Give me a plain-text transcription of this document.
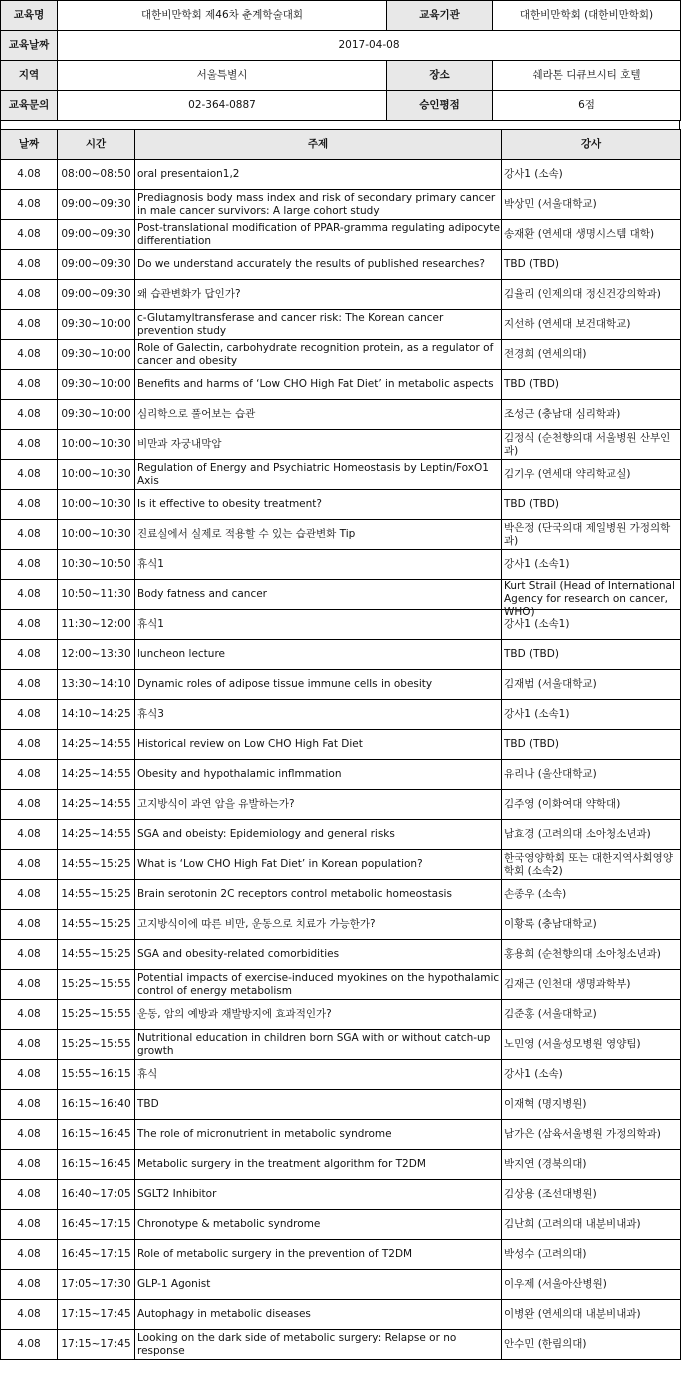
교육명	대한비만학회 제46차 춘계학술대회	교육기관	대한비만학회 (대한비만학회)
교육날짜	2017-04-08		
지역	서울특별시	장소	쉐라톤 디큐브시티 호텔
교육문의	02-364-0887	승인평점	6점
날짜	시간	주제	강사

4.08	08:00~08:50	oral presentaion1,2	강사1 (소속)

4.08	09:00~09:30	Prediagnosis body mass index and risk of secondary primary cancer in male cancer survivors: A large cohort study	박상민 (서울대학교)

4.08	09:00~09:30	Post-translational modification of PPAR-gramma regulating adipocyte differentiation	송재환 (연세대 생명시스템 대학)

4.08	09:00~09:30	Do we understand accurately the results of published researches?	TBD (TBD)

4.08	09:00~09:30	왜 습관변화가 답인가?	김율리 (인제의대 정신건강의학과)

4.08	09:30~10:00	c-Glutamyltransferase and cancer risk: The Korean cancer prevention study	지선하 (연세대 보건대학교)

4.08	09:30~10:00	Role of Galectin, carbohydrate recognition protein, as a regulator of cancer and obesity	전경희 (연세의대)

4.08	09:30~10:00	Benefits and harms of ‘Low CHO High Fat Diet’ in metabolic aspects	TBD (TBD)

4.08	09:30~10:00	심리학으로 풀어보는 습관	조성근 (충남대 심리학과)

4.08	10:00~10:30	비만과 자궁내막암	김정식 (순천향의대 서울병원 산부인과)

4.08	10:00~10:30	Regulation of Energy and Psychiatric Homeostasis by Leptin/FoxO1 Axis	김기우 (연세대 약리학교실)

4.08	10:00~10:30	Is it effective to obesity treatment?	TBD (TBD)

4.08	10:00~10:30	진료실에서 실제로 적용할 수 있는 습관변화 Tip	박은정 (단국의대 제일병원 가정의학과)

4.08	10:30~10:50	휴식1	강사1 (소속1)

4.08	10:50~11:30	Body fatness and cancer	Kurt Strail (Head of International Agency for research on cancer, WHO)

4.08	11:30~12:00	휴식1	강사1 (소속1)

4.08	12:00~13:30	luncheon lecture	TBD (TBD)

4.08	13:30~14:10	Dynamic roles of adipose tissue immune cells in obesity	김재범 (서울대학교)

4.08	14:10~14:25	휴식3	강사1 (소속1)

4.08	14:25~14:55	Historical review on Low CHO High Fat Diet	TBD (TBD)

4.08	14:25~14:55	Obesity and hypothalamic inflmmation	유리나 (울산대학교)

4.08	14:25~14:55	고지방식이 과연 암을 유발하는가?	김주영 (이화여대 약학대)

4.08	14:25~14:55	SGA and obeisty: Epidemiology and general risks	남효경 (고려의대 소아청소년과)

4.08	14:55~15:25	What is ‘Low CHO High Fat Diet’ in Korean population?	한국영양학회 또는 대한지역사회영양학회 (소속2)

4.08	14:55~15:25	Brain serotonin 2C receptors control metabolic homeostasis	손종우 (소속)

4.08	14:55~15:25	고지방식이에 따른 비만, 운동으로 치료가 가능한가?	이황록 (충남대학교)

4.08	14:55~15:25	SGA and obesity-related comorbidities	홍용희 (순천향의대 소아청소년과)

4.08	15:25~15:55	Potential impacts of exercise-induced myokines on the hypothalamic control of energy metabolism	김재근 (인천대 생명과학부)

4.08	15:25~15:55	운동, 암의 예방과 재발방지에 효과적인가?	김준홍 (서울대학교)

4.08	15:25~15:55	Nutritional education in children born SGA with or without catch-up growth	노민영 (서울성모병원 영양팀)

4.08	15:55~16:15	휴식	강사1 (소속)

4.08	16:15~16:40	TBD	이재혁 (명지병원)

4.08	16:15~16:45	The role of micronutrient in metabolic syndrome	남가은 (삼육서울병원 가정의학과)

4.08	16:15~16:45	Metabolic surgery in the treatment algorithm for T2DM	박지연 (경북의대)

4.08	16:40~17:05	SGLT2 Inhibitor	김상용 (조선대병원)

4.08	16:45~17:15	Chronotype & metabolic syndrome	김난희 (고려의대 내분비내과)

4.08	16:45~17:15	Role of metabolic surgery in the prevention of T2DM	박성수 (고려의대)

4.08	17:05~17:30	GLP-1 Agonist	이우제 (서울아산병원)

4.08	17:15~17:45	Autophagy in metabolic diseases	이병완 (연세의대 내분비내과)

4.08	17:15~17:45	Looking on the dark side of metabolic surgery: Relapse or no response	안수민 (한림의대)
